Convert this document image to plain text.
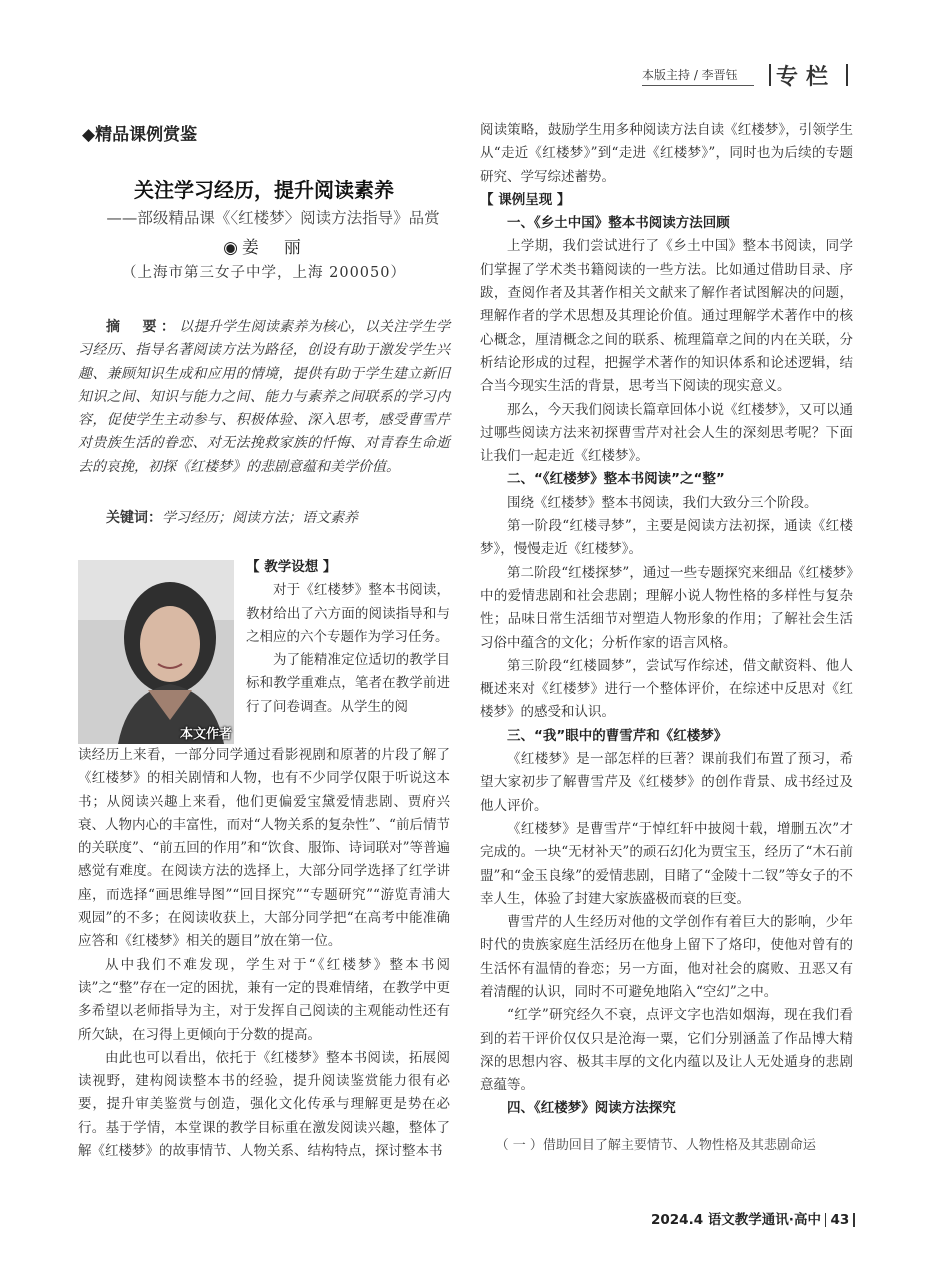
本版主持 / 李晋钰	专栏
◆精品课例赏鉴
关注学习经历，提升阅读素养
——部级精品课《〈红楼梦〉阅读方法指导》品赏
◉姜　丽
（上海市第三女子中学，上海 200050）
摘　要：以提升学生阅读素养为核心，以关注学生学习经历、指导名著阅读方法为路径，创设有助于激发学生兴趣、兼顾知识生成和应用的情境，提供有助于学生建立新旧知识之间、知识与能力之间、能力与素养之间联系的学习内容，促使学生主动参与、积极体验、深入思考，感受曹雪芹对贵族生活的眷恋、对无法挽救家族的忏悔、对青春生命逝去的哀挽，初探《红楼梦》的悲剧意蕴和美学价值。
关键词：学习经历；阅读方法；语文素养
本文作者

【 教学设想 】

对于《红楼梦》整本书阅读，教材给出了六方面的阅读指导和与之相应的六个专题作为学习任务。

为了能精准定位适切的教学目标和教学重难点，笔者在教学前进行了问卷调查。从学生的阅

读经历上来看，一部分同学通过看影视剧和原著的片段了解了《红楼梦》的相关剧情和人物，也有不少同学仅限于听说这本书；从阅读兴趣上来看，他们更偏爱宝黛爱情悲剧、贾府兴衰、人物内心的丰富性，而对“人物关系的复杂性”、“前后情节的关联度”、“前五回的作用”和“饮食、服饰、诗词联对”等普遍感觉有难度。在阅读方法的选择上，大部分同学选择了红学讲座，而选择“画思维导图”“回目探究”“专题研究”“游览青浦大观园”的不多；在阅读收获上，大部分同学把“在高考中能准确应答和《红楼梦》相关的题目”放在第一位。

从中我们不难发现，学生对于“《红楼梦》整本书阅读”之“整”存在一定的困扰，兼有一定的畏难情绪，在教学中更多希望以老师指导为主，对于发挥自己阅读的主观能动性还有所欠缺，在习得上更倾向于分数的提高。

由此也可以看出，依托于《红楼梦》整本书阅读，拓展阅读视野，建构阅读整本书的经验，提升阅读鉴赏能力很有必要，提升审美鉴赏与创造，强化文化传承与理解更是势在必行。基于学情，本堂课的教学目标重在激发阅读兴趣，整体了解《红楼梦》的故事情节、人物关系、结构特点，探讨整本书

阅读策略，鼓励学生用多种阅读方法自读《红楼梦》，引领学生从“走近《红楼梦》”到“走进《红楼梦》”，同时也为后续的专题研究、学写综述蓄势。

【 课例呈现 】

一、《乡土中国》整本书阅读方法回顾

上学期，我们尝试进行了《乡土中国》整本书阅读，同学们掌握了学术类书籍阅读的一些方法。比如通过借助目录、序跋，查阅作者及其著作相关文献来了解作者试图解决的问题，理解作者的学术思想及其理论价值。通过理解学术著作中的核心概念，厘清概念之间的联系、梳理篇章之间的内在关联，分析结论形成的过程，把握学术著作的知识体系和论述逻辑，结合当今现实生活的背景，思考当下阅读的现实意义。

那么，今天我们阅读长篇章回体小说《红楼梦》，又可以通过哪些阅读方法来初探曹雪芹对社会人生的深刻思考呢？下面让我们一起走近《红楼梦》。

二、“《红楼梦》整本书阅读”之“整”

围绕《红楼梦》整本书阅读，我们大致分三个阶段。

第一阶段“红楼寻梦”，主要是阅读方法初探，通读《红楼梦》，慢慢走近《红楼梦》。

第二阶段“红楼探梦”，通过一些专题探究来细品《红楼梦》中的爱情悲剧和社会悲剧；理解小说人物性格的多样性与复杂性；品味日常生活细节对塑造人物形象的作用；了解社会生活习俗中蕴含的文化；分析作家的语言风格。

第三阶段“红楼圆梦”，尝试写作综述，借文献资料、他人概述来对《红楼梦》进行一个整体评价，在综述中反思对《红楼梦》的感受和认识。

三、“我”眼中的曹雪芹和《红楼梦》

《红楼梦》是一部怎样的巨著？课前我们布置了预习，希望大家初步了解曹雪芹及《红楼梦》的创作背景、成书经过及他人评价。

《红楼梦》是曹雪芹“于悼红轩中披阅十载，增删五次”才完成的。一块“无材补天”的顽石幻化为贾宝玉，经历了“木石前盟”和“金玉良缘”的爱情悲剧，目睹了“金陵十二钗”等女子的不幸人生，体验了封建大家族盛极而衰的巨变。

曹雪芹的人生经历对他的文学创作有着巨大的影响，少年时代的贵族家庭生活经历在他身上留下了烙印，使他对曾有的生活怀有温情的眷恋；另一方面，他对社会的腐败、丑恶又有着清醒的认识，同时不可避免地陷入“空幻”之中。

“红学”研究经久不衰，点评文字也浩如烟海，现在我们看到的若干评价仅仅只是沧海一粟，它们分别涵盖了作品博大精深的思想内容、极其丰厚的文化内蕴以及让人无处遁身的悲剧意蕴等。

四、《红楼梦》阅读方法探究

（ 一 ）借助回目了解主要情节、人物性格及其悲剧命运

2024.4 语文教学通讯·高中 43
